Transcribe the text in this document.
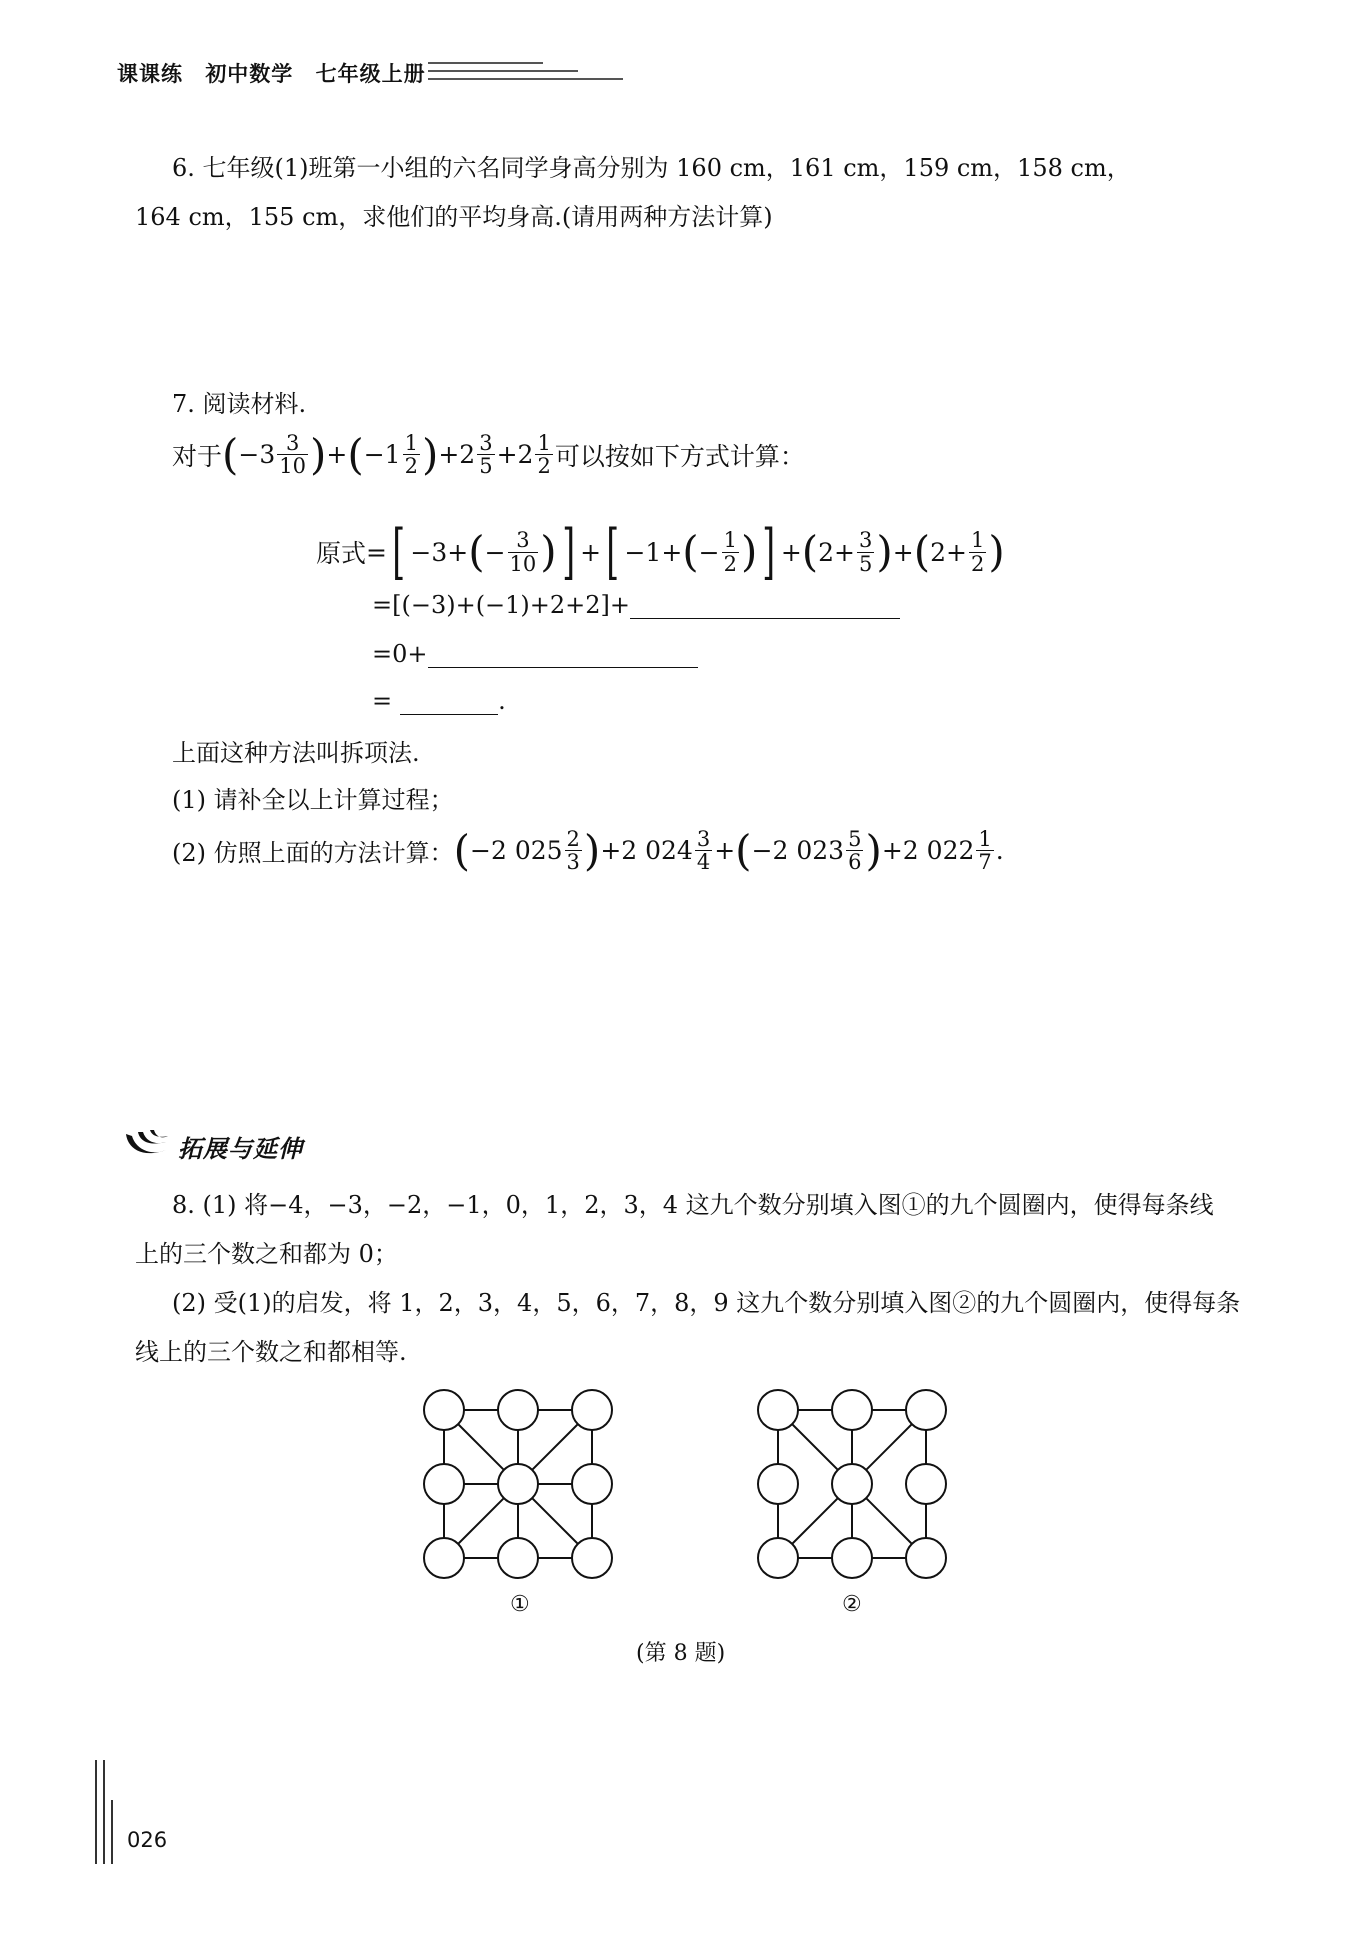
课课练 初中数学 七年级上册
6. 七年级(1)班第一小组的六名同学身高分别为 160 cm，161 cm，159 cm，158 cm，
164 cm，155 cm，求他们的平均身高.(请用两种方法计算)
7. 阅读材料.
对于 ( $-3 \frac{3}{10}$ ) + ( $-1 \frac{1}{2}$ ) $+2 \frac{3}{5} +2 \frac{1}{2}$ 可以按如下方式计算：
原式 = [ −3+ ( − $\frac{3}{10}$ ) ] + [ −1+ ( − $\frac{1}{2}$ ) ] + ( $2+ \frac{3}{5}$ ) + ( $2+ \frac{1}{2}$ )
=[(−3)+(−1)+2+2]+
=0+
=	.
上面这种方法叫拆项法.
(1) 请补全以上计算过程；
(2) 仿照上面的方法计算： ( −2 $025 \frac{2}{3}$ ) +2 $024 \frac{3}{4}$ + ( −2 $023 \frac{5}{6}$ ) +2 $022 \frac{1}{7}$ .
拓展与延伸
8. (1) 将−4，−3，−2，−1，0，1，2，3，4 这九个数分别填入图①的九个圆圈内，使得每条线
上的三个数之和都为 0；
(2) 受(1)的启发，将 1，2，3，4，5，6，7，8，9 这九个数分别填入图②的九个圆圈内，使得每条
线上的三个数之和都相等.
①	②
(第 8 题)
026
